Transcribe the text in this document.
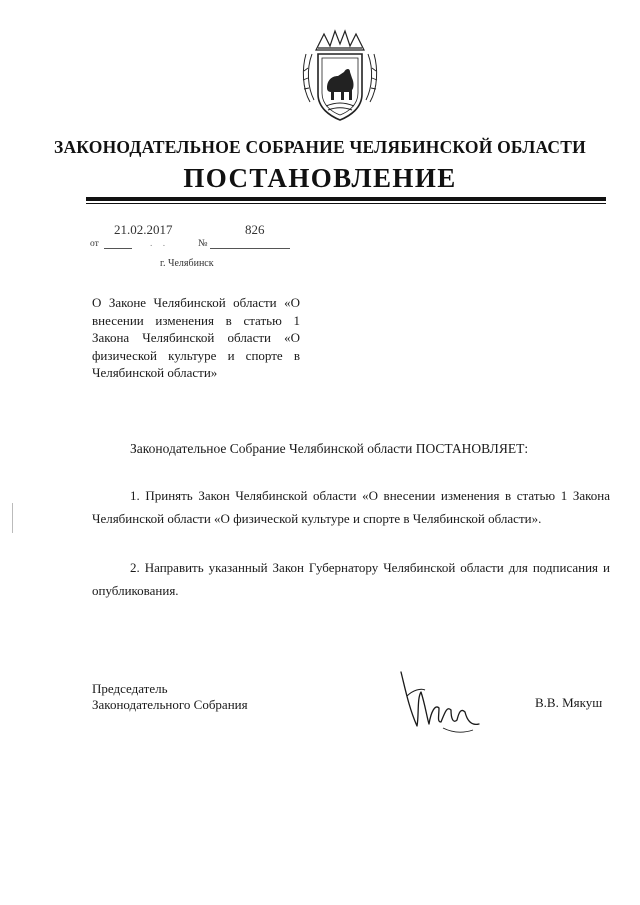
ЗАКОНОДАТЕЛЬНОЕ СОБРАНИЕ ЧЕЛЯБИНСКОЙ ОБЛАСТИ
ПОСТАНОВЛЕНИЕ
21.02.2017	826
от	. .	№
г. Челябинск
О Законе Челябинской области «О внесении изменения в статью 1 Закона Челябинской области «О физической культуре и спорте в Челябинской области»
Законодательное Собрание Челябинской области ПОСТАНОВЛЯЕТ:
1. Принять Закон Челябинской области «О внесении изменения в статью 1 Закона Челябинской области «О физической культуре и спорте в Челябинской области».
2. Направить указанный Закон Губернатору Челябинской области для подписания и опубликования.
Председатель
Законодательного Собрания	В.В. Мякуш
